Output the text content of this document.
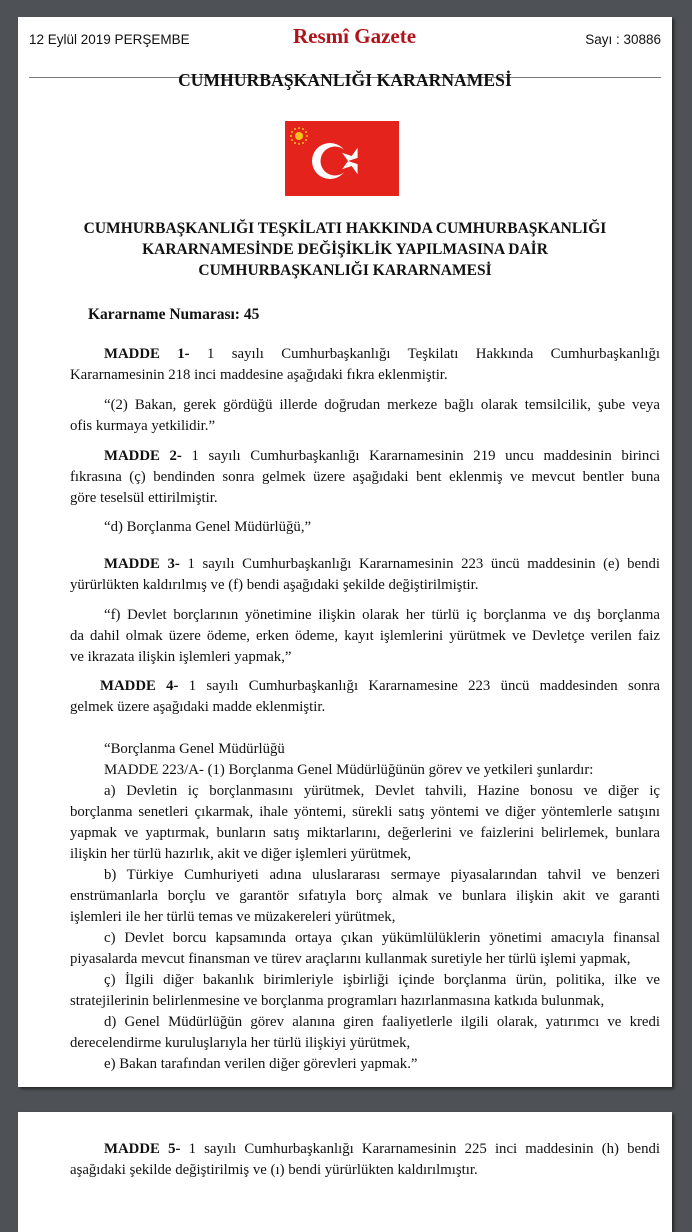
12 Eylül 2019 PERŞEMBE	Resmî Gazete	Sayı : 30886
CUMHURBAŞKANLIĞI KARARNAMESİ
CUMHURBAŞKANLIĞI TEŞKİLATI HAKKINDA CUMHURBAŞKANLIĞI
KARARNAMESİNDE DEĞİŞİKLİK YAPILMASINA DAİR
CUMHURBAŞKANLIĞI KARARNAMESİ
Kararname Numarası: 45
MADDE 1- 1 sayılı Cumhurbaşkanlığı Teşkilatı Hakkında Cumhurbaşkanlığı
Kararnamesinin 218 inci maddesine aşağıdaki fıkra eklenmiştir.
“(2) Bakan, gerek gördüğü illerde doğrudan merkeze bağlı olarak temsilcilik, şube veya
ofis kurmaya yetkilidir.”
MADDE 2- 1 sayılı Cumhurbaşkanlığı Kararnamesinin 219 uncu maddesinin birinci
fıkrasına (ç) bendinden sonra gelmek üzere aşağıdaki bent eklenmiş ve mevcut bentler buna
göre teselsül ettirilmiştir.
“d) Borçlanma Genel Müdürlüğü,”
MADDE 3- 1 sayılı Cumhurbaşkanlığı Kararnamesinin 223 üncü maddesinin (e) bendi
yürürlükten kaldırılmış ve (f) bendi aşağıdaki şekilde değiştirilmiştir.
“f) Devlet borçlarının yönetimine ilişkin olarak her türlü iç borçlanma ve dış borçlanma
da dahil olmak üzere ödeme, erken ödeme, kayıt işlemlerini yürütmek ve Devletçe verilen faiz
ve ikrazata ilişkin işlemleri yapmak,”
MADDE 4- 1 sayılı Cumhurbaşkanlığı Kararnamesine 223 üncü maddesinden sonra
gelmek üzere aşağıdaki madde eklenmiştir.
“Borçlanma Genel Müdürlüğü
MADDE 223/A- (1) Borçlanma Genel Müdürlüğünün görev ve yetkileri şunlardır:
a) Devletin iç borçlanmasını yürütmek, Devlet tahvili, Hazine bonosu ve diğer iç
borçlanma senetleri çıkarmak, ihale yöntemi, sürekli satış yöntemi ve diğer yöntemlerle satışını
yapmak ve yaptırmak, bunların satış miktarlarını, değerlerini ve faizlerini belirlemek, bunlara
ilişkin her türlü hazırlık, akit ve diğer işlemleri yürütmek,
b) Türkiye Cumhuriyeti adına uluslararası sermaye piyasalarından tahvil ve benzeri
enstrümanlarla borçlu ve garantör sıfatıyla borç almak ve bunlara ilişkin akit ve garanti
işlemleri ile her türlü temas ve müzakereleri yürütmek,
c) Devlet borcu kapsamında ortaya çıkan yükümlülüklerin yönetimi amacıyla finansal
piyasalarda mevcut finansman ve türev araçlarını kullanmak suretiyle her türlü işlemi yapmak,
ç) İlgili diğer bakanlık birimleriyle işbirliği içinde borçlanma ürün, politika, ilke ve
stratejilerinin belirlenmesine ve borçlanma programları hazırlanmasına katkıda bulunmak,
d) Genel Müdürlüğün görev alanına giren faaliyetlerle ilgili olarak, yatırımcı ve kredi
derecelendirme kuruluşlarıyla her türlü ilişkiyi yürütmek,
e) Bakan tarafından verilen diğer görevleri yapmak.”
MADDE 5- 1 sayılı Cumhurbaşkanlığı Kararnamesinin 225 inci maddesinin (h) bendi
aşağıdaki şekilde değiştirilmiş ve (ı) bendi yürürlükten kaldırılmıştır.
